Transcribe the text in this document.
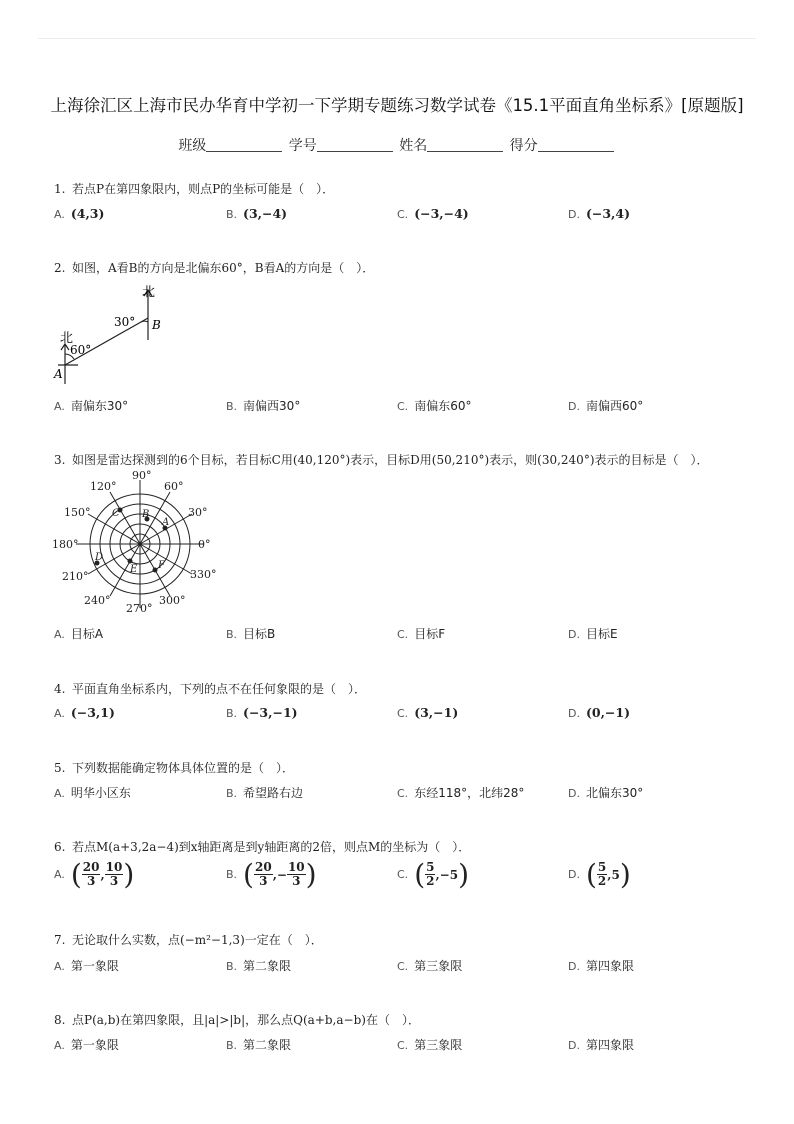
上海徐汇区上海市民办华育中学初一下学期专题练习数学试卷《15.1平面直角坐标系》[原题版]
班级	学号	姓名	得分
1. 若点P在第四象限内，则点P的坐标可能是（　）．
A. (4,3)	B. (3,−4)	C. (−3,−4)	D. (−3,4)
2. 如图，A看B的方向是北偏东60°，B看A的方向是（　）．
北
北
60°
30° B
A
A. 南偏东30°	B. 南偏西30°	C. 南偏东60°	D. 南偏西60°
3. 如图是雷达探测到的6个目标，若目标C用(40,120°)表示，目标D用(50,210°)表示，则(30,240°)表示的目标是（　）．
90°
60°
30°
0°
330°
300°
270°
240°
210°
180°
150°
120°
A
B
C
D
E F
A. 目标A	B. 目标B	C. 目标F	D. 目标E
4. 平面直角坐标系内，下列的点不在任何象限的是（　）．
A. (−3,1)	B. (−3,−1)	C. (3,−1)	D. (0,−1)
5. 下列数据能确定物体具体位置的是（　）．
A. 明华小区东	B. 希望路右边	C. 东经118°，北纬28°	D. 北偏东30°
6. 若点M(a+3,2a−4)到x轴距离是到y轴距离的2倍，则点M的坐标为（　）．
A. ( $\frac{20}{3}$ , $\frac{10}{3}$ )	B. ( $\frac{20}{3}$ , − $\frac{10}{3}$ )	C. ( $\frac{5}{2}$ , −5 )	D. ( $\frac{5}{2}$ , 5 )
7. 无论取什么实数，点(−m²−1,3)一定在（　）．
A. 第一象限	B. 第二象限	C. 第三象限	D. 第四象限
8. 点P(a,b)在第四象限，且|a|>|b|，那么点Q(a+b,a−b)在（　）．
A. 第一象限	B. 第二象限	C. 第三象限	D. 第四象限
